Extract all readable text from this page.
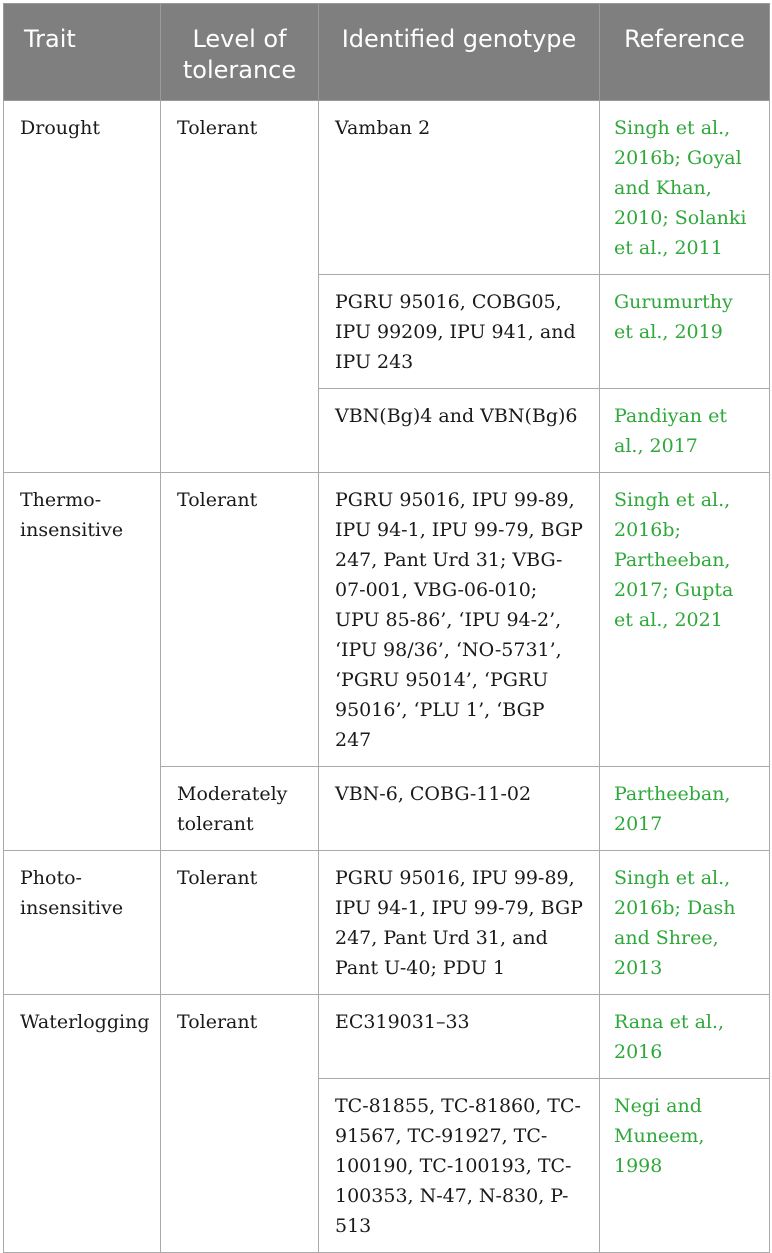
Trait	Level of tolerance	Identified genotype	Reference
Drought	Tolerant	Vamban 2	Singh et al., 2016b; Goyal and Khan, 2010; Solanki et al., 2011
		PGRU 95016, COBG05, IPU 99209, IPU 941, and IPU 243	Gurumurthy et al., 2019
		VBN(Bg)4 and VBN(Bg)6	Pandiyan et al., 2017
Thermo-insensitive	Tolerant	PGRU 95016, IPU 99-89, IPU 94-1, IPU 99-79, BGP 247, Pant Urd 31; VBG-07-001, VBG-06-010; UPU 85-86’, ‘IPU 94-2’, ‘IPU 98/36’, ‘NO-5731’, ‘PGRU 95014’, ‘PGRU 95016’, ‘PLU 1’, ‘BGP 247	Singh et al., 2016b; Partheeban, 2017; Gupta et al., 2021
	Moderately tolerant	VBN-6, COBG-11-02	Partheeban, 2017
Photo-insensitive	Tolerant	PGRU 95016, IPU 99-89, IPU 94-1, IPU 99-79, BGP 247, Pant Urd 31, and Pant U-40; PDU 1	Singh et al., 2016b; Dash and Shree, 2013
Waterlogging	Tolerant	EC319031–33	Rana et al., 2016
		TC-81855, TC-81860, TC-91567, TC-91927, TC-100190, TC-100193, TC-100353, N-47, N-830, P-513	Negi and Muneem, 1998
